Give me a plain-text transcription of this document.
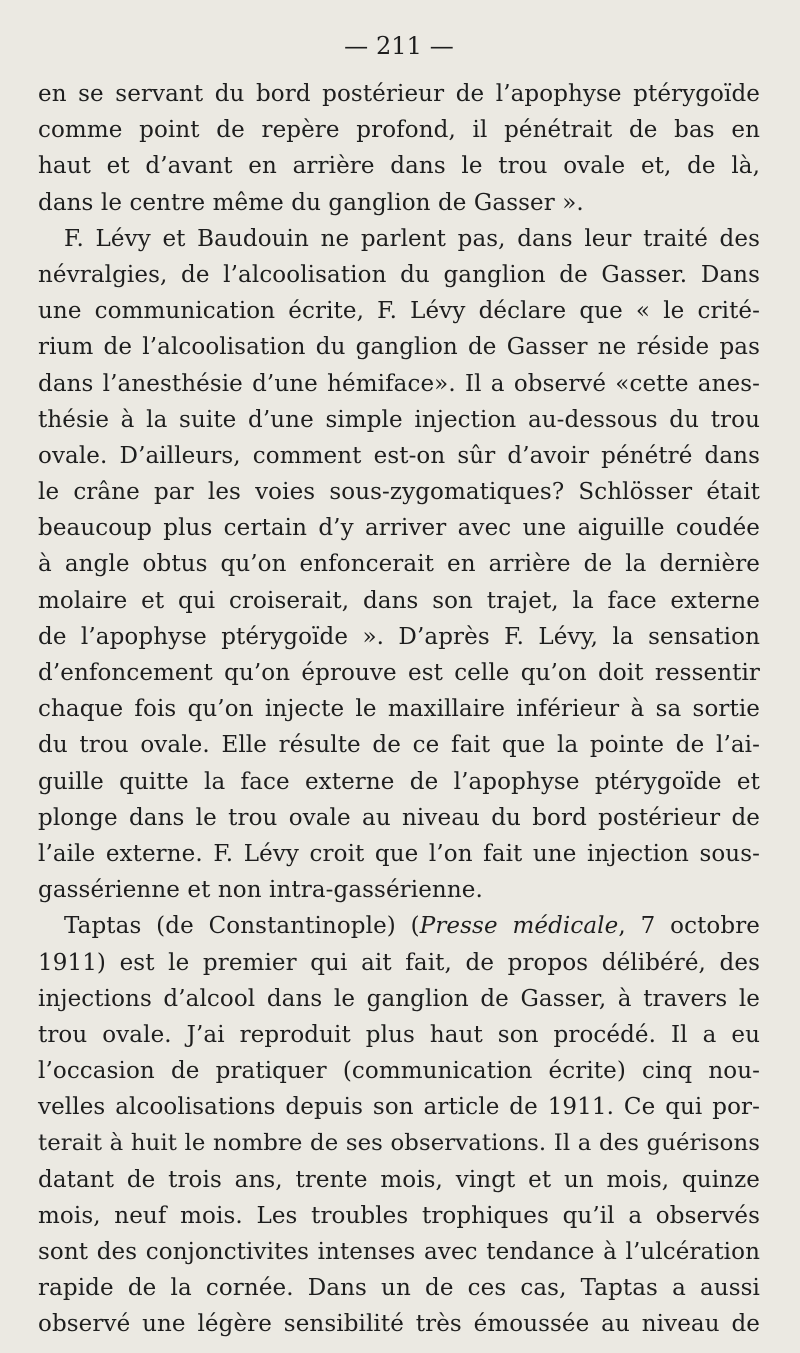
— 211 —
en se servant du bord postérieur de l’apophyse ptérygoïde
comme point de repère profond, il pénétrait de bas en
haut et d’avant en arrière dans le trou ovale et, de là,
dans le centre même du ganglion de Gasser ».
F. Lévy et Baudouin ne parlent pas, dans leur traité des
névralgies, de l’alcoolisation du ganglion de Gasser. Dans
une communication écrite, F. Lévy déclare que « le crité-
rium de l’alcoolisation du ganglion de Gasser ne réside pas
dans l’anesthésie d’une hémiface». Il a observé «cette anes-
thésie à la suite d’une simple injection au-dessous du trou
ovale. D’ailleurs, comment est-on sûr d’avoir pénétré dans
le crâne par les voies sous-zygomatiques? Schlösser était
beaucoup plus certain d’y arriver avec une aiguille coudée
à angle obtus qu’on enfoncerait en arrière de la dernière
molaire et qui croiserait, dans son trajet, la face externe
de l’apophyse ptérygoïde ». D’après F. Lévy, la sensation
d’enfoncement qu’on éprouve est celle qu’on doit ressentir
chaque fois qu’on injecte le maxillaire inférieur à sa sortie
du trou ovale. Elle résulte de ce fait que la pointe de l’ai-
guille quitte la face externe de l’apophyse ptérygoïde et
plonge dans le trou ovale au niveau du bord postérieur de
l’aile externe. F. Lévy croit que l’on fait une injection sous-
gassérienne et non intra-gassérienne.
Taptas (de Constantinople) (Presse médicale, 7 octobre
1911) est le premier qui ait fait, de propos délibéré, des
injections d’alcool dans le ganglion de Gasser, à travers le
trou ovale. J’ai reproduit plus haut son procédé. Il a eu
l’occasion de pratiquer (communication écrite) cinq nou-
velles alcoolisations depuis son article de 1911. Ce qui por-
terait à huit le nombre de ses observations. Il a des guérisons
datant de trois ans, trente mois, vingt et un mois, quinze
mois, neuf mois. Les troubles trophiques qu’il a observés
sont des conjonctivites intenses avec tendance à l’ulcération
rapide de la cornée. Dans un de ces cas, Taptas a aussi
observé une légère sensibilité très émoussée au niveau de
